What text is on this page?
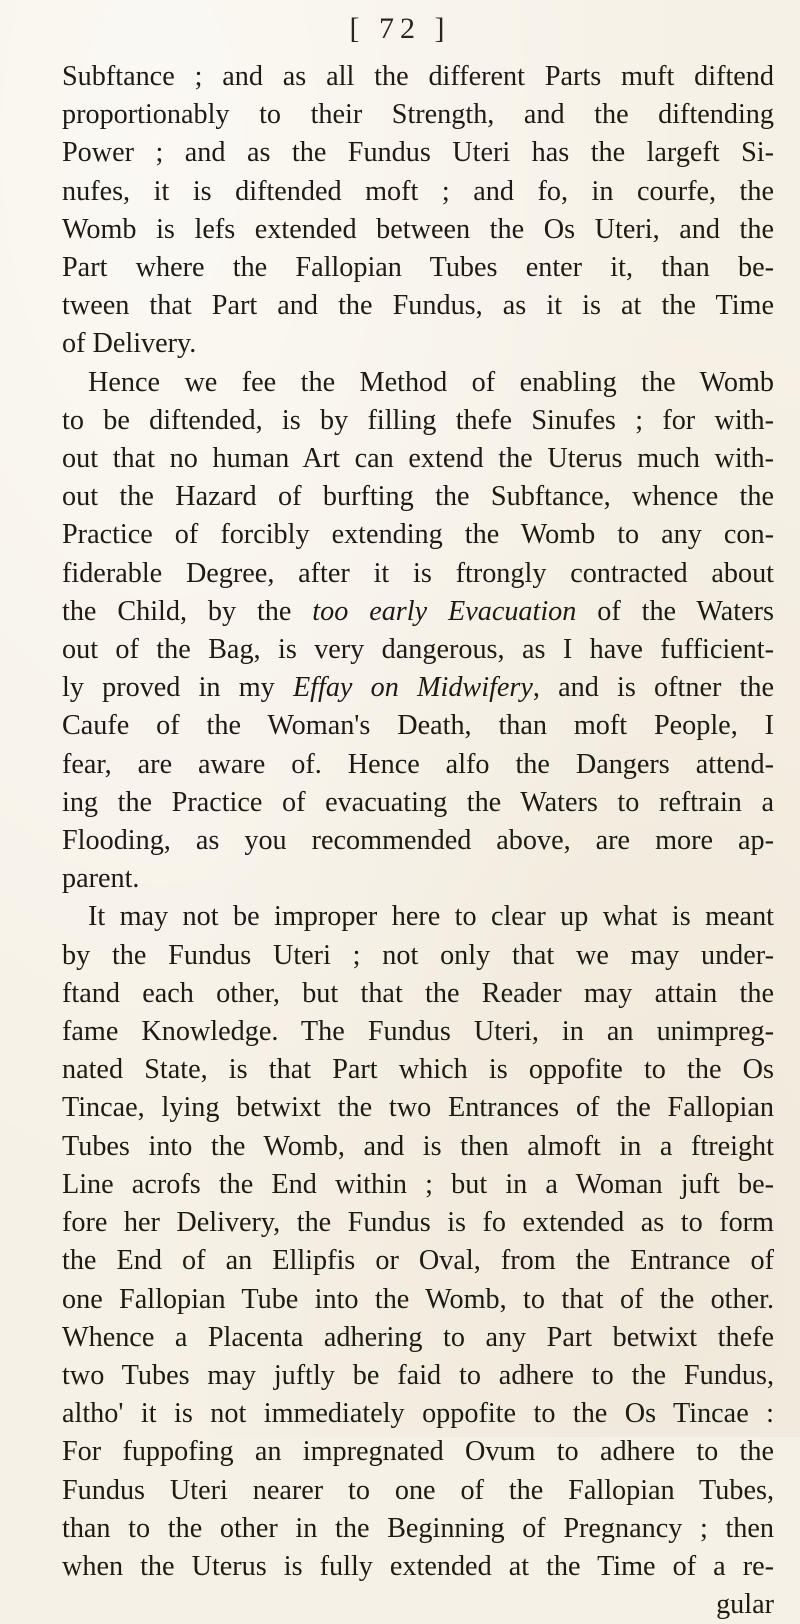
[ 72 ]
Subftance ; and as all the different Parts muft diftend
proportionably to their Strength, and the diftending
Power ; and as the Fundus Uteri has the largeft Si-
nufes, it is diftended moft ; and fo, in courfe, the
Womb is lefs extended between the Os Uteri, and the
Part where the Fallopian Tubes enter it, than be-
tween that Part and the Fundus, as it is at the Time
of Delivery.
Hence we fee the Method of enabling the Womb
to be diftended, is by filling thefe Sinufes ; for with-
out that no human Art can extend the Uterus much with-
out the Hazard of burfting the Subftance, whence the
Practice of forcibly extending the Womb to any con-
fiderable Degree, after it is ftrongly contracted about
the Child, by the too early Evacuation of the Waters
out of the Bag, is very dangerous, as I have fufficient-
ly proved in my Effay on Midwifery, and is oftner the
Caufe of the Woman's Death, than moft People, I
fear, are aware of. Hence alfo the Dangers attend-
ing the Practice of evacuating the Waters to reftrain a
Flooding, as you recommended above, are more ap-
parent.
It may not be improper here to clear up what is meant
by the Fundus Uteri ; not only that we may under-
ftand each other, but that the Reader may attain the
fame Knowledge. The Fundus Uteri, in an unimpreg-
nated State, is that Part which is oppofite to the Os
Tincae, lying betwixt the two Entrances of the Fallopian
Tubes into the Womb, and is then almoft in a ftreight
Line acrofs the End within ; but in a Woman juft be-
fore her Delivery, the Fundus is fo extended as to form
the End of an Ellipfis or Oval, from the Entrance of
one Fallopian Tube into the Womb, to that of the other.
Whence a Placenta adhering to any Part betwixt thefe
two Tubes may juftly be faid to adhere to the Fundus,
altho' it is not immediately oppofite to the Os Tincae :
For fuppofing an impregnated Ovum to adhere to the
Fundus Uteri nearer to one of the Fallopian Tubes,
than to the other in the Beginning of Pregnancy ; then
when the Uterus is fully extended at the Time of a re-
gular
